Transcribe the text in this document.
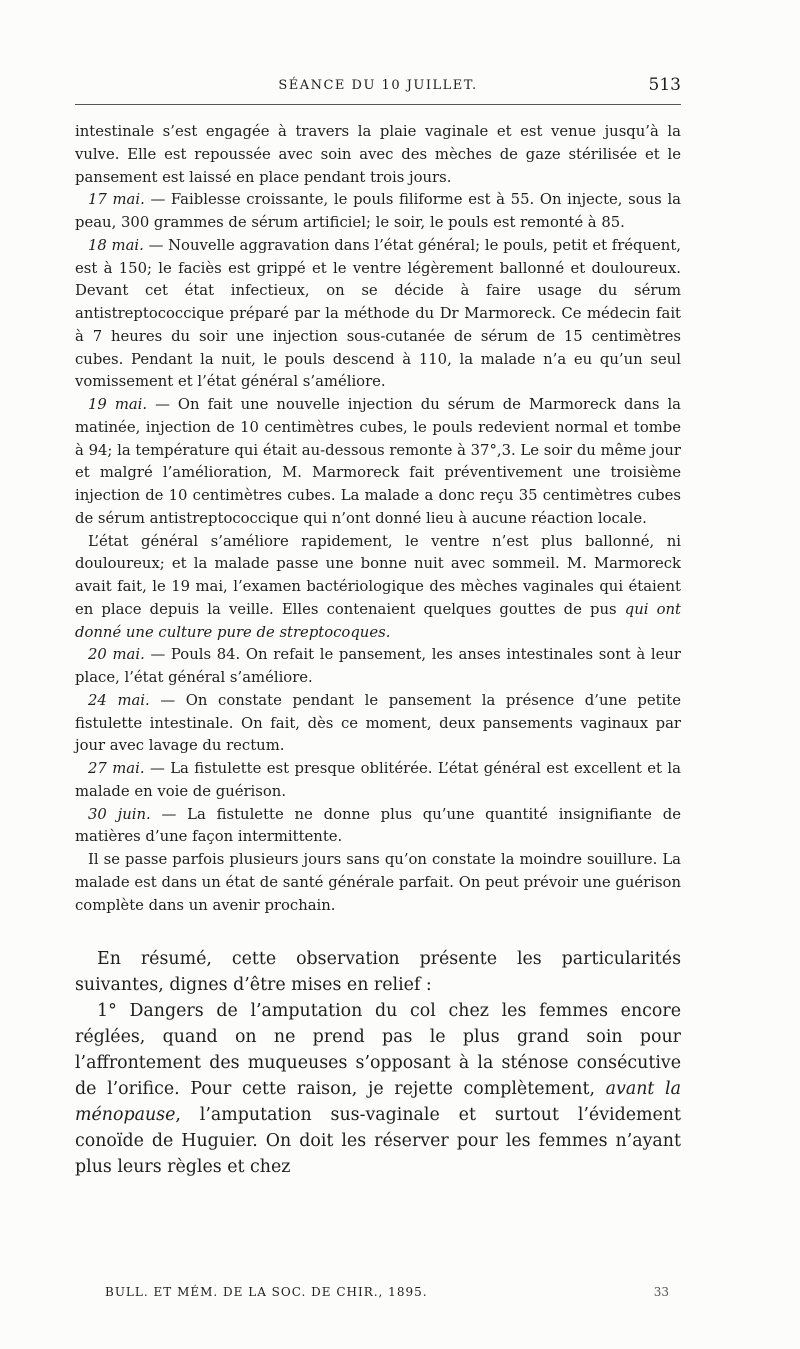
SÉANCE DU 10 JUILLET.	513

intestinale s’est engagée à travers la plaie vaginale et est venue jusqu’à la vulve. Elle est repoussée avec soin avec des mèches de gaze stérilisée et le pansement est laissé en place pendant trois jours.

17 mai. — Faiblesse croissante, le pouls filiforme est à 55. On injecte, sous la peau, 300 grammes de sérum artificiel; le soir, le pouls est remonté à 85.

18 mai. — Nouvelle aggravation dans l’état général; le pouls, petit et fréquent, est à 150; le faciès est grippé et le ventre légèrement ballonné et douloureux. Devant cet état infectieux, on se décide à faire usage du sérum antistreptococcique préparé par la méthode du Dr Marmoreck. Ce médecin fait à 7 heures du soir une injection sous-cutanée de sérum de 15 centimètres cubes. Pendant la nuit, le pouls descend à 110, la malade n’a eu qu’un seul vomissement et l’état général s’améliore.

19 mai. — On fait une nouvelle injection du sérum de Marmoreck dans la matinée, injection de 10 centimètres cubes, le pouls redevient normal et tombe à 94; la température qui était au-dessous remonte à 37°,3. Le soir du même jour et malgré l’amélioration, M. Marmoreck fait préventivement une troisième injection de 10 centimètres cubes. La malade a donc reçu 35 centimètres cubes de sérum antistreptococcique qui n’ont donné lieu à aucune réaction locale.

L’état général s’améliore rapidement, le ventre n’est plus ballonné, ni douloureux; et la malade passe une bonne nuit avec sommeil. M. Marmoreck avait fait, le 19 mai, l’examen bactériologique des mèches vaginales qui étaient en place depuis la veille. Elles contenaient quelques gouttes de pus qui ont donné une culture pure de streptocoques.

20 mai. — Pouls 84. On refait le pansement, les anses intestinales sont à leur place, l’état général s’améliore.

24 mai. — On constate pendant le pansement la présence d’une petite fistulette intestinale. On fait, dès ce moment, deux pansements vaginaux par jour avec lavage du rectum.

27 mai. — La fistulette est presque oblitérée. L’état général est excellent et la malade en voie de guérison.

30 juin. — La fistulette ne donne plus qu’une quantité insignifiante de matières d’une façon intermittente.

Il se passe parfois plusieurs jours sans qu’on constate la moindre souillure. La malade est dans un état de santé générale parfait. On peut prévoir une guérison complète dans un avenir prochain.

En résumé, cette observation présente les particularités suivantes, dignes d’être mises en relief :

1° Dangers de l’amputation du col chez les femmes encore réglées, quand on ne prend pas le plus grand soin pour l’affrontement des muqueuses s’opposant à la sténose consécutive de l’orifice. Pour cette raison, je rejette complètement, avant la ménopause, l’amputation sus-vaginale et surtout l’évidement conoïde de Huguier. On doit les réserver pour les femmes n’ayant plus leurs règles et chez

BULL. ET MÉM. DE LA SOC. DE CHIR., 1895.	33
